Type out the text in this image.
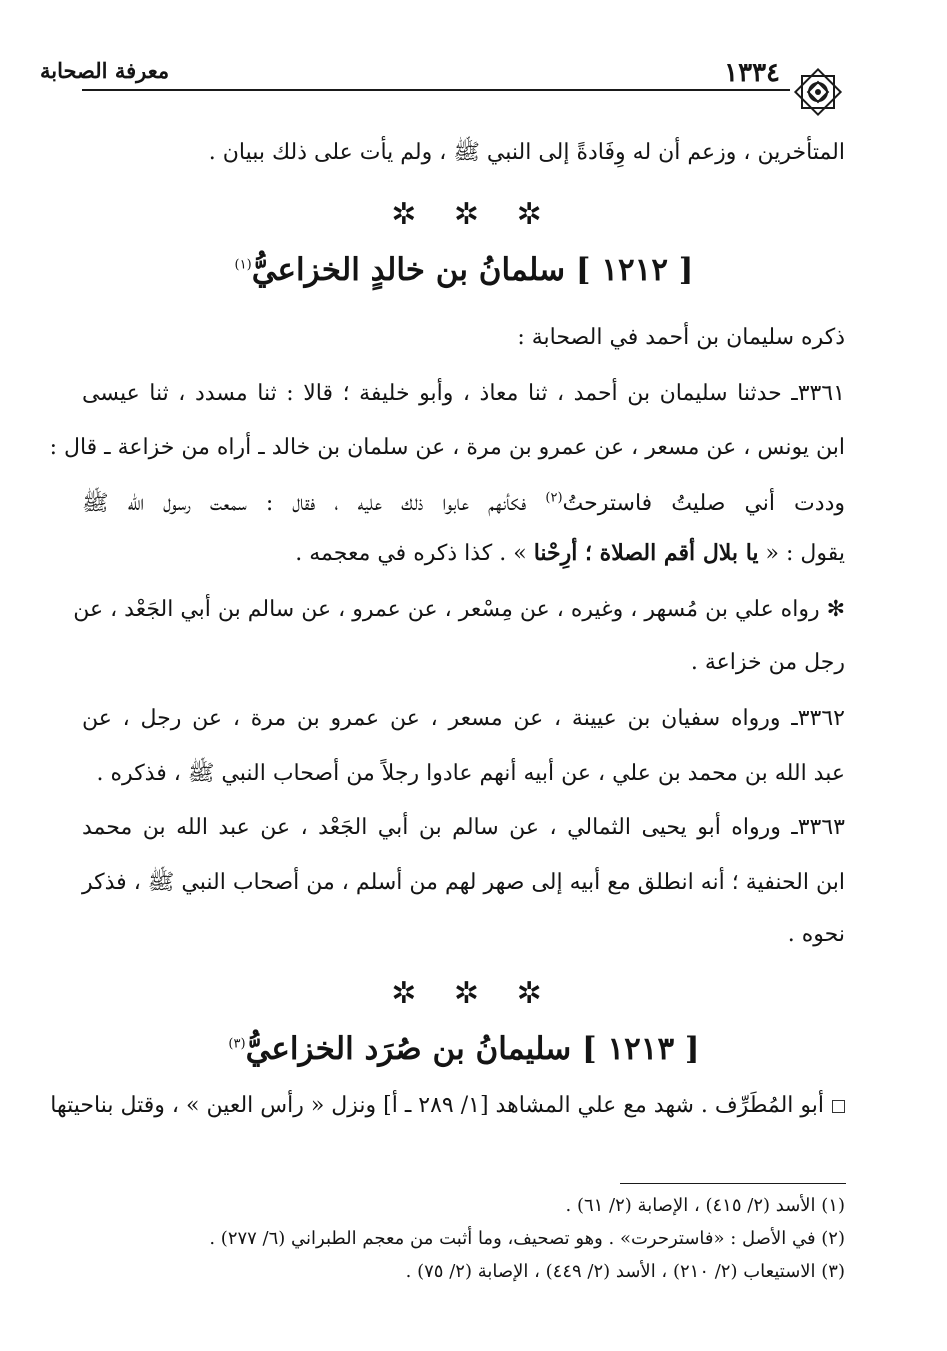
١٣٣٤
معرفة الصحابة
المتأخرين ، وزعم أن له وِفَادةً إلى النبي ﷺ ، ولم يأت على ذلك ببيان .
✲ ✲ ✲
[ ١٢١٢ ] سلمانُ بن خالدٍ الخزاعيُّ$^{(١)}$
ذكره سليمان بن أحمد في الصحابة :
٣٣٦١ـ حدثنا سليمان بن أحمد ، ثنا معاذ ، وأبو خليفة ؛ قالا : ثنا مسدد ، ثنا عيسى
ابن يونس ، عن مسعر ، عن عمرو بن مرة ، عن سلمان بن خالد ـ أراه من خزاعة ـ قال :
وددت أني صليتُ فاسترحتُ$^{(٢)}$ فكأنهم عابوا ذلك عليه ، فقال : سمعت رسول الله ﷺ
يقول : « يا بلال أقم الصلاة ؛ أرِحْنا » . كذا ذكره في معجمه .
✻ رواه علي بن مُسهر ، وغيره ، عن مِسْعر ، عن عمرو ، عن سالم بن أبي الجَعْد ، عن
رجل من خزاعة .
٣٣٦٢ـ ورواه سفيان بن عيينة ، عن مسعر ، عن عمرو بن مرة ، عن رجل ، عن
عبد الله بن محمد بن علي ، عن أبيه أنهم عادوا رجلاً من أصحاب النبي ﷺ ، فذكره .
٣٣٦٣ـ ورواه أبو يحيى الثمالي ، عن سالم بن أبي الجَعْد ، عن عبد الله بن محمد
ابن الحنفية ؛ أنه انطلق مع أبيه إلى صهر لهم من أسلم ، من أصحاب النبي ﷺ ، فذكر
نحوه .
✲ ✲ ✲
[ ١٢١٣ ] سليمانُ بن صُرَد الخزاعيُّ$^{(٣)}$
أبو المُطَرِّف . شهد مع علي المشاهد [١/ ٢٨٩ ـ أ] ونزل « رأس العين » ، وقتل بناحيتها
(١) الأسد (٢/ ٤١٥) ، الإصابة (٢/ ٦١) .
(٢) في الأصل : «فاسترحرت» . وهو تصحيف، وما أثبت من معجم الطبراني (٦/ ٢٧٧) .
(٣) الاستيعاب (٢/ ٢١٠) ، الأسد (٢/ ٤٤٩) ، الإصابة (٢/ ٧٥) .
